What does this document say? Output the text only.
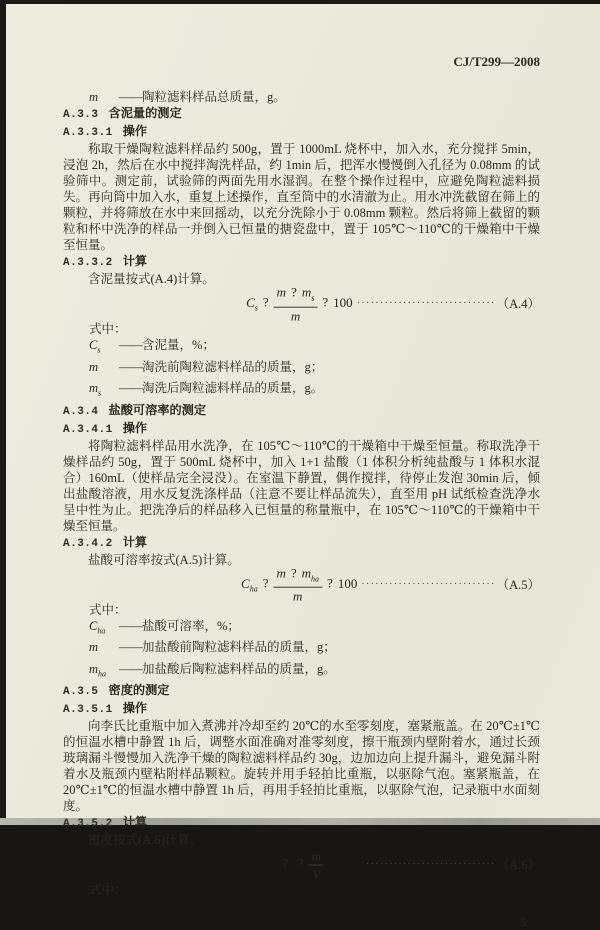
CJ/T299—2008
m	—— 陶粒滤料样品总质量，g。
A.3.3 含泥量的测定
A.3.3.1 操作

称取干燥陶粒滤料样品约 500g，置于 1000mL 烧杯中，加入水，充分搅拌 5min，浸泡 2h，然后在水中搅拌淘洗样品，约 1min 后，把浑水慢慢倒入孔径为 0.08mm 的试验筛中。测定前，试验筛的两面先用水湿润。在整个操作过程中，应避免陶粒滤料损失。再向筒中加入水，重复上述操作，直至筒中的水清澈为止。用水冲洗截留在筛上的颗粒，并将筛放在水中来回摇动，以充分洗除小于 0.08mm 颗粒。然后将筛上截留的颗粒和杯中洗净的样品一并倒入已恒量的搪瓷盘中，置于 105℃～110℃的干燥箱中干燥至恒量。

A.3.3.2 计算

含泥量按式(A.4)计算。

$C_s$ ? $\frac{m ? m_s}{m}$ ? 100 ······························ （A.4）
式中：
$C_s$	—— 含泥量，%；
m	—— 淘洗前陶粒滤料样品的质量，g；
$m_s$	—— 淘洗后陶粒滤料样品的质量，g。
A.3.4 盐酸可溶率的测定
A.3.4.1 操作

将陶粒滤料样品用水洗净，在 105℃～110℃的干燥箱中干燥至恒量。称取洗净干燥样品约 50g，置于 500mL 烧杯中，加入 1+1 盐酸（1 体积分析纯盐酸与 1 体积水混合）160mL（使样品完全浸没）。在室温下静置，偶作搅拌，待停止发泡 30min 后，倾出盐酸溶液，用水反复洗涤样品（注意不要让样品流失），直至用 pH 试纸检查洗净水呈中性为止。把洗净后的样品移入已恒量的称量瓶中，在 105℃～110℃的干燥箱中干燥至恒量。

A.3.4.2 计算

盐酸可溶率按式(A.5)计算。

$C_{ha}$ ? $\frac{m ? m_{ha}}{m}$ ? 100 ····························· （A.5）
式中：
$C_{ha}$	—— 盐酸可溶率，%；
m	—— 加盐酸前陶粒滤料样品的质量，g；
$m_{ha}$	—— 加盐酸后陶粒滤料样品的质量，g。
A.3.5 密度的测定
A.3.5.1 操作

向李氏比重瓶中加入煮沸并冷却至约 20℃的水至零刻度，塞紧瓶盖。在 20℃±1℃的恒温水槽中静置 1h 后，调整水面准确对准零刻度，擦干瓶颈内壁附着水，通过长颈玻璃漏斗慢慢加入洗净干燥的陶粒滤料样品约 30g，边加边向上提升漏斗，避免漏斗附着水及瓶颈内壁粘附样品颗粒。旋转并用手轻拍比重瓶，以驱除气泡。塞紧瓶盖，在 20℃±1℃的恒温水槽中静置 1h 后，再用手轻拍比重瓶，以驱除气泡，记录瓶中水面刻度。

A.3.5.2 计算

密度按式(A.6)计算。

? ? $\frac{m}{V}$	···························· （A.6）
式中：
5
